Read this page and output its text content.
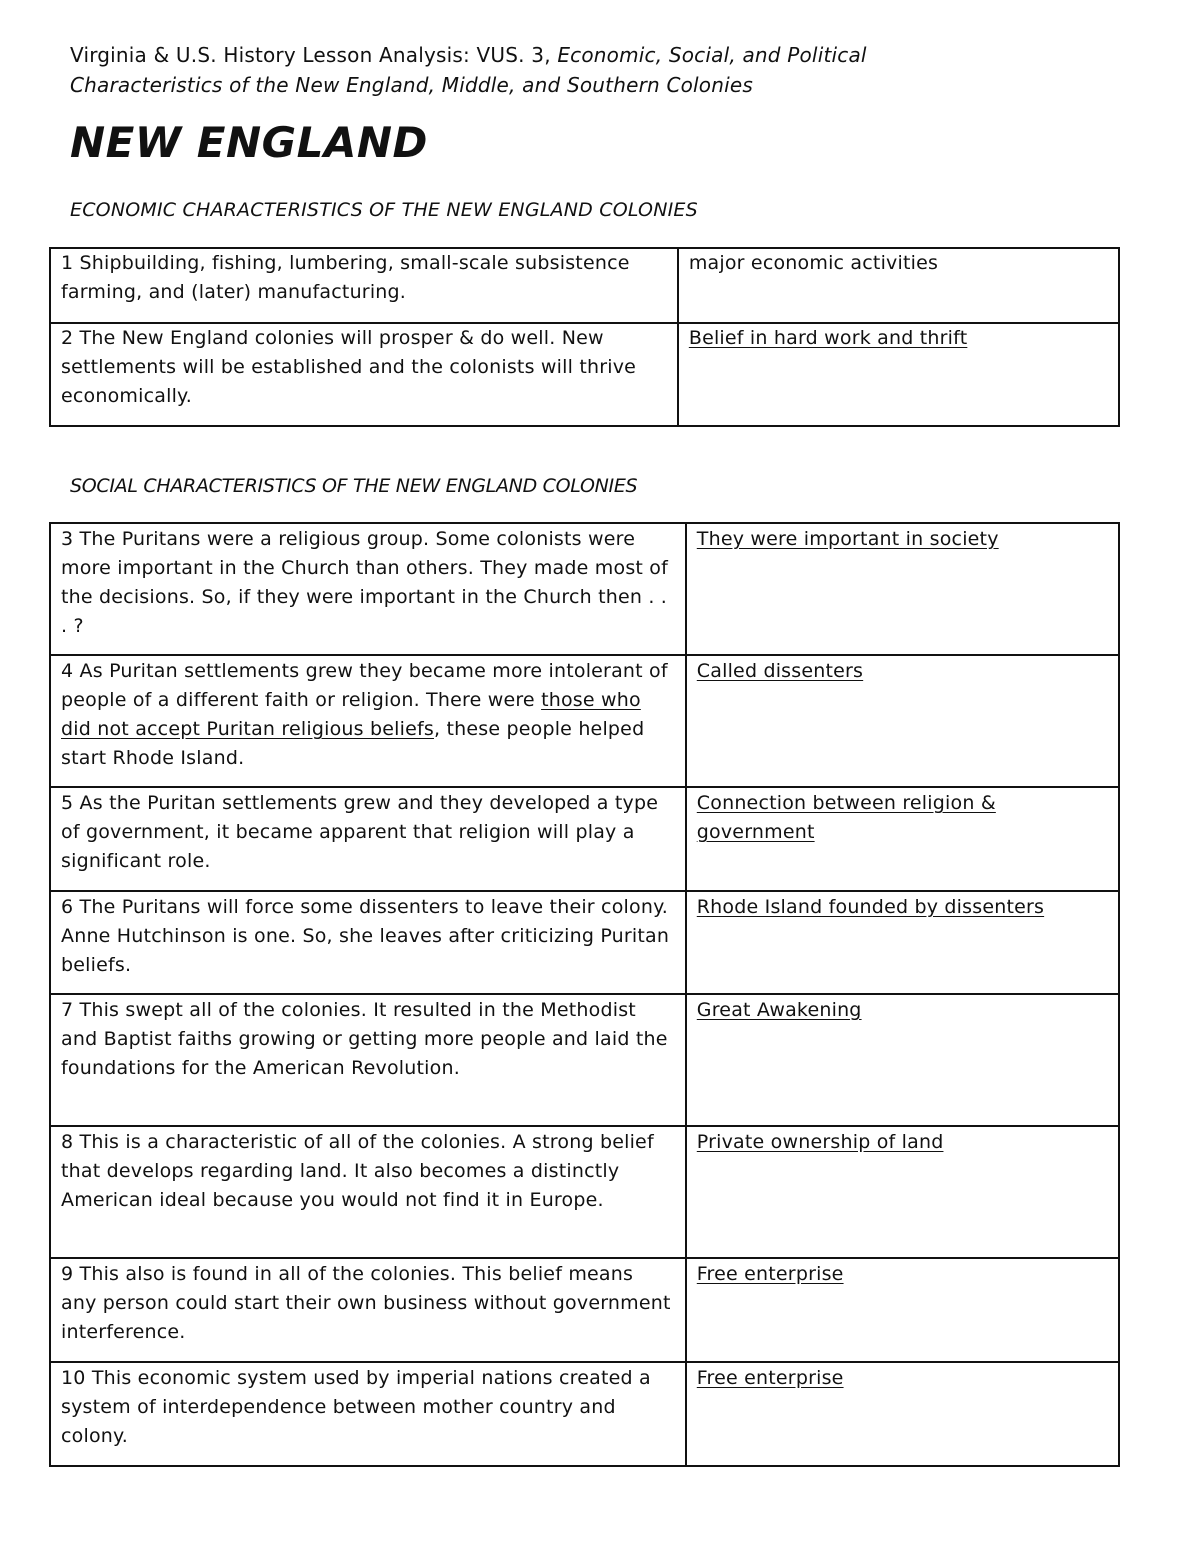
Virginia & U.S. History Lesson Analysis: VUS. 3, Economic, Social, and Political
Characteristics of the New England, Middle, and Southern Colonies
NEW ENGLAND
ECONOMIC CHARACTERISTICS OF THE NEW ENGLAND COLONIES
1 Shipbuilding, fishing, lumbering, small-scale subsistence farming, and (later) manufacturing.	major economic activities
2 The New England colonies will prosper & do well. New settlements will be established and the colonists will thrive economically.	Belief in hard work and thrift
SOCIAL CHARACTERISTICS OF THE NEW ENGLAND COLONIES
3 The Puritans were a religious group. Some colonists were more important in the Church than others. They made most of the decisions. So, if they were important in the Church then . . . ?	They were important in society
4 As Puritan settlements grew they became more intolerant of people of a different faith or religion. There were those who did not accept Puritan religious beliefs, these people helped start Rhode Island.	Called dissenters
5 As the Puritan settlements grew and they developed a type of government, it became apparent that religion will play a significant role.	Connection between religion & government
6 The Puritans will force some dissenters to leave their colony. Anne Hutchinson is one. So, she leaves after criticizing Puritan beliefs.	Rhode Island founded by dissenters
7 This swept all of the colonies. It resulted in the Methodist and Baptist faiths growing or getting more people and laid the foundations for the American Revolution.	Great Awakening
8 This is a characteristic of all of the colonies. A strong belief that develops regarding land. It also becomes a distinctly American ideal because you would not find it in Europe.	Private ownership of land
9 This also is found in all of the colonies. This belief means any person could start their own business without government interference.	Free enterprise
10 This economic system used by imperial nations created a system of interdependence between mother country and colony.	Free enterprise
